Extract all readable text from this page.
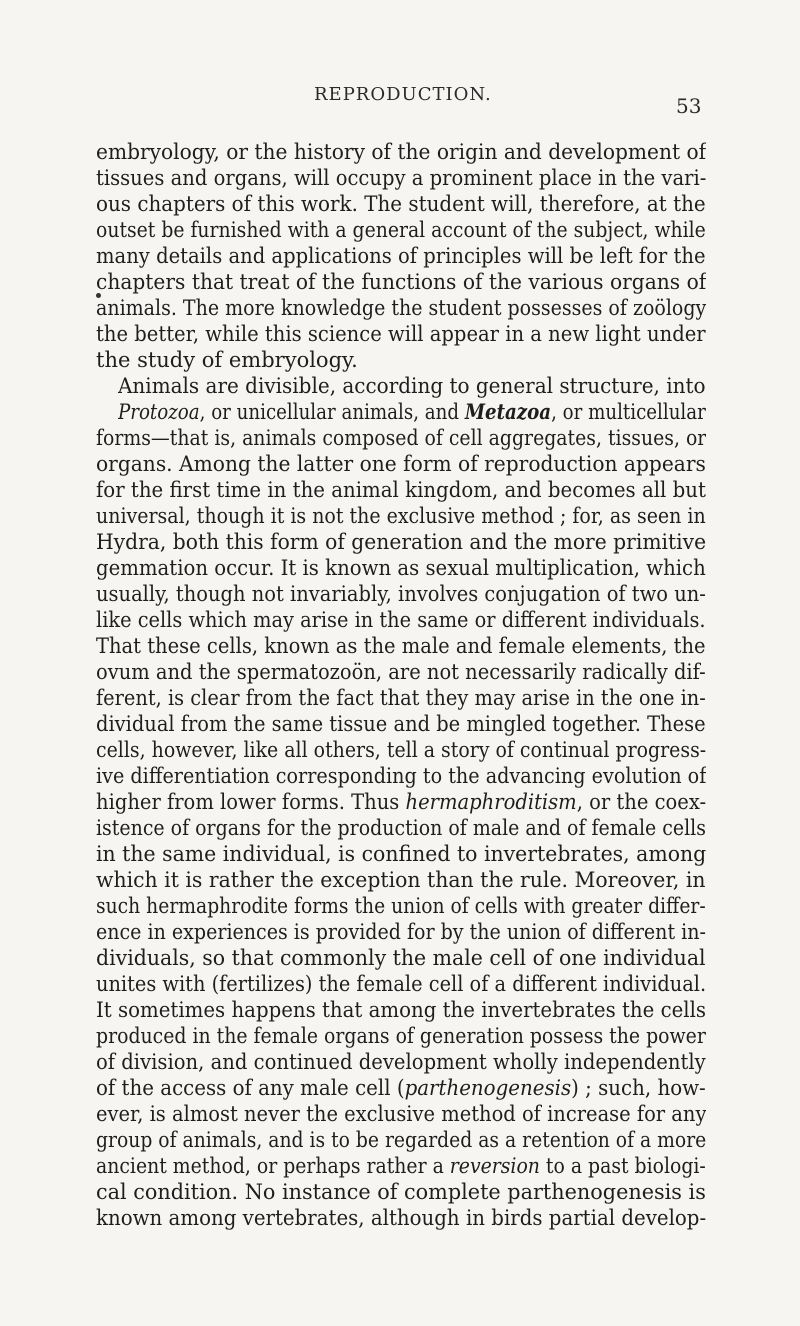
REPRODUCTION.	53
embryology, or the history of the origin and development of
tissues and organs, will occupy a prominent place in the vari-
ous chapters of this work. The student will, therefore, at the
outset be furnished with a general account of the subject, while
many details and applications of principles will be left for the
chapters that treat of the functions of the various organs of
animals. The more knowledge the student possesses of zoölogy
the better, while this science will appear in a new light under
the study of embryology.
Animals are divisible, according to general structure, into
Protozoa, or unicellular animals, and Metazoa, or multicellular
forms—that is, animals composed of cell aggregates, tissues, or
organs. Among the latter one form of reproduction appears
for the first time in the animal kingdom, and becomes all but
universal, though it is not the exclusive method ; for, as seen in
Hydra, both this form of generation and the more primitive
gemmation occur. It is known as sexual multiplication, which
usually, though not invariably, involves conjugation of two un-
like cells which may arise in the same or different individuals.
That these cells, known as the male and female elements, the
ovum and the spermatozoön, are not necessarily radically dif-
ferent, is clear from the fact that they may arise in the one in-
dividual from the same tissue and be mingled together. These
cells, however, like all others, tell a story of continual progress-
ive differentiation corresponding to the advancing evolution of
higher from lower forms. Thus hermaphroditism, or the coex-
istence of organs for the production of male and of female cells
in the same individual, is confined to invertebrates, among
which it is rather the exception than the rule. Moreover, in
such hermaphrodite forms the union of cells with greater differ-
ence in experiences is provided for by the union of different in-
dividuals, so that commonly the male cell of one individual
unites with (fertilizes) the female cell of a different individual.
It sometimes happens that among the invertebrates the cells
produced in the female organs of generation possess the power
of division, and continued development wholly independently
of the access of any male cell (parthenogenesis) ; such, how-
ever, is almost never the exclusive method of increase for any
group of animals, and is to be regarded as a retention of a more
ancient method, or perhaps rather a reversion to a past biologi-
cal condition. No instance of complete parthenogenesis is
known among vertebrates, although in birds partial develop-
